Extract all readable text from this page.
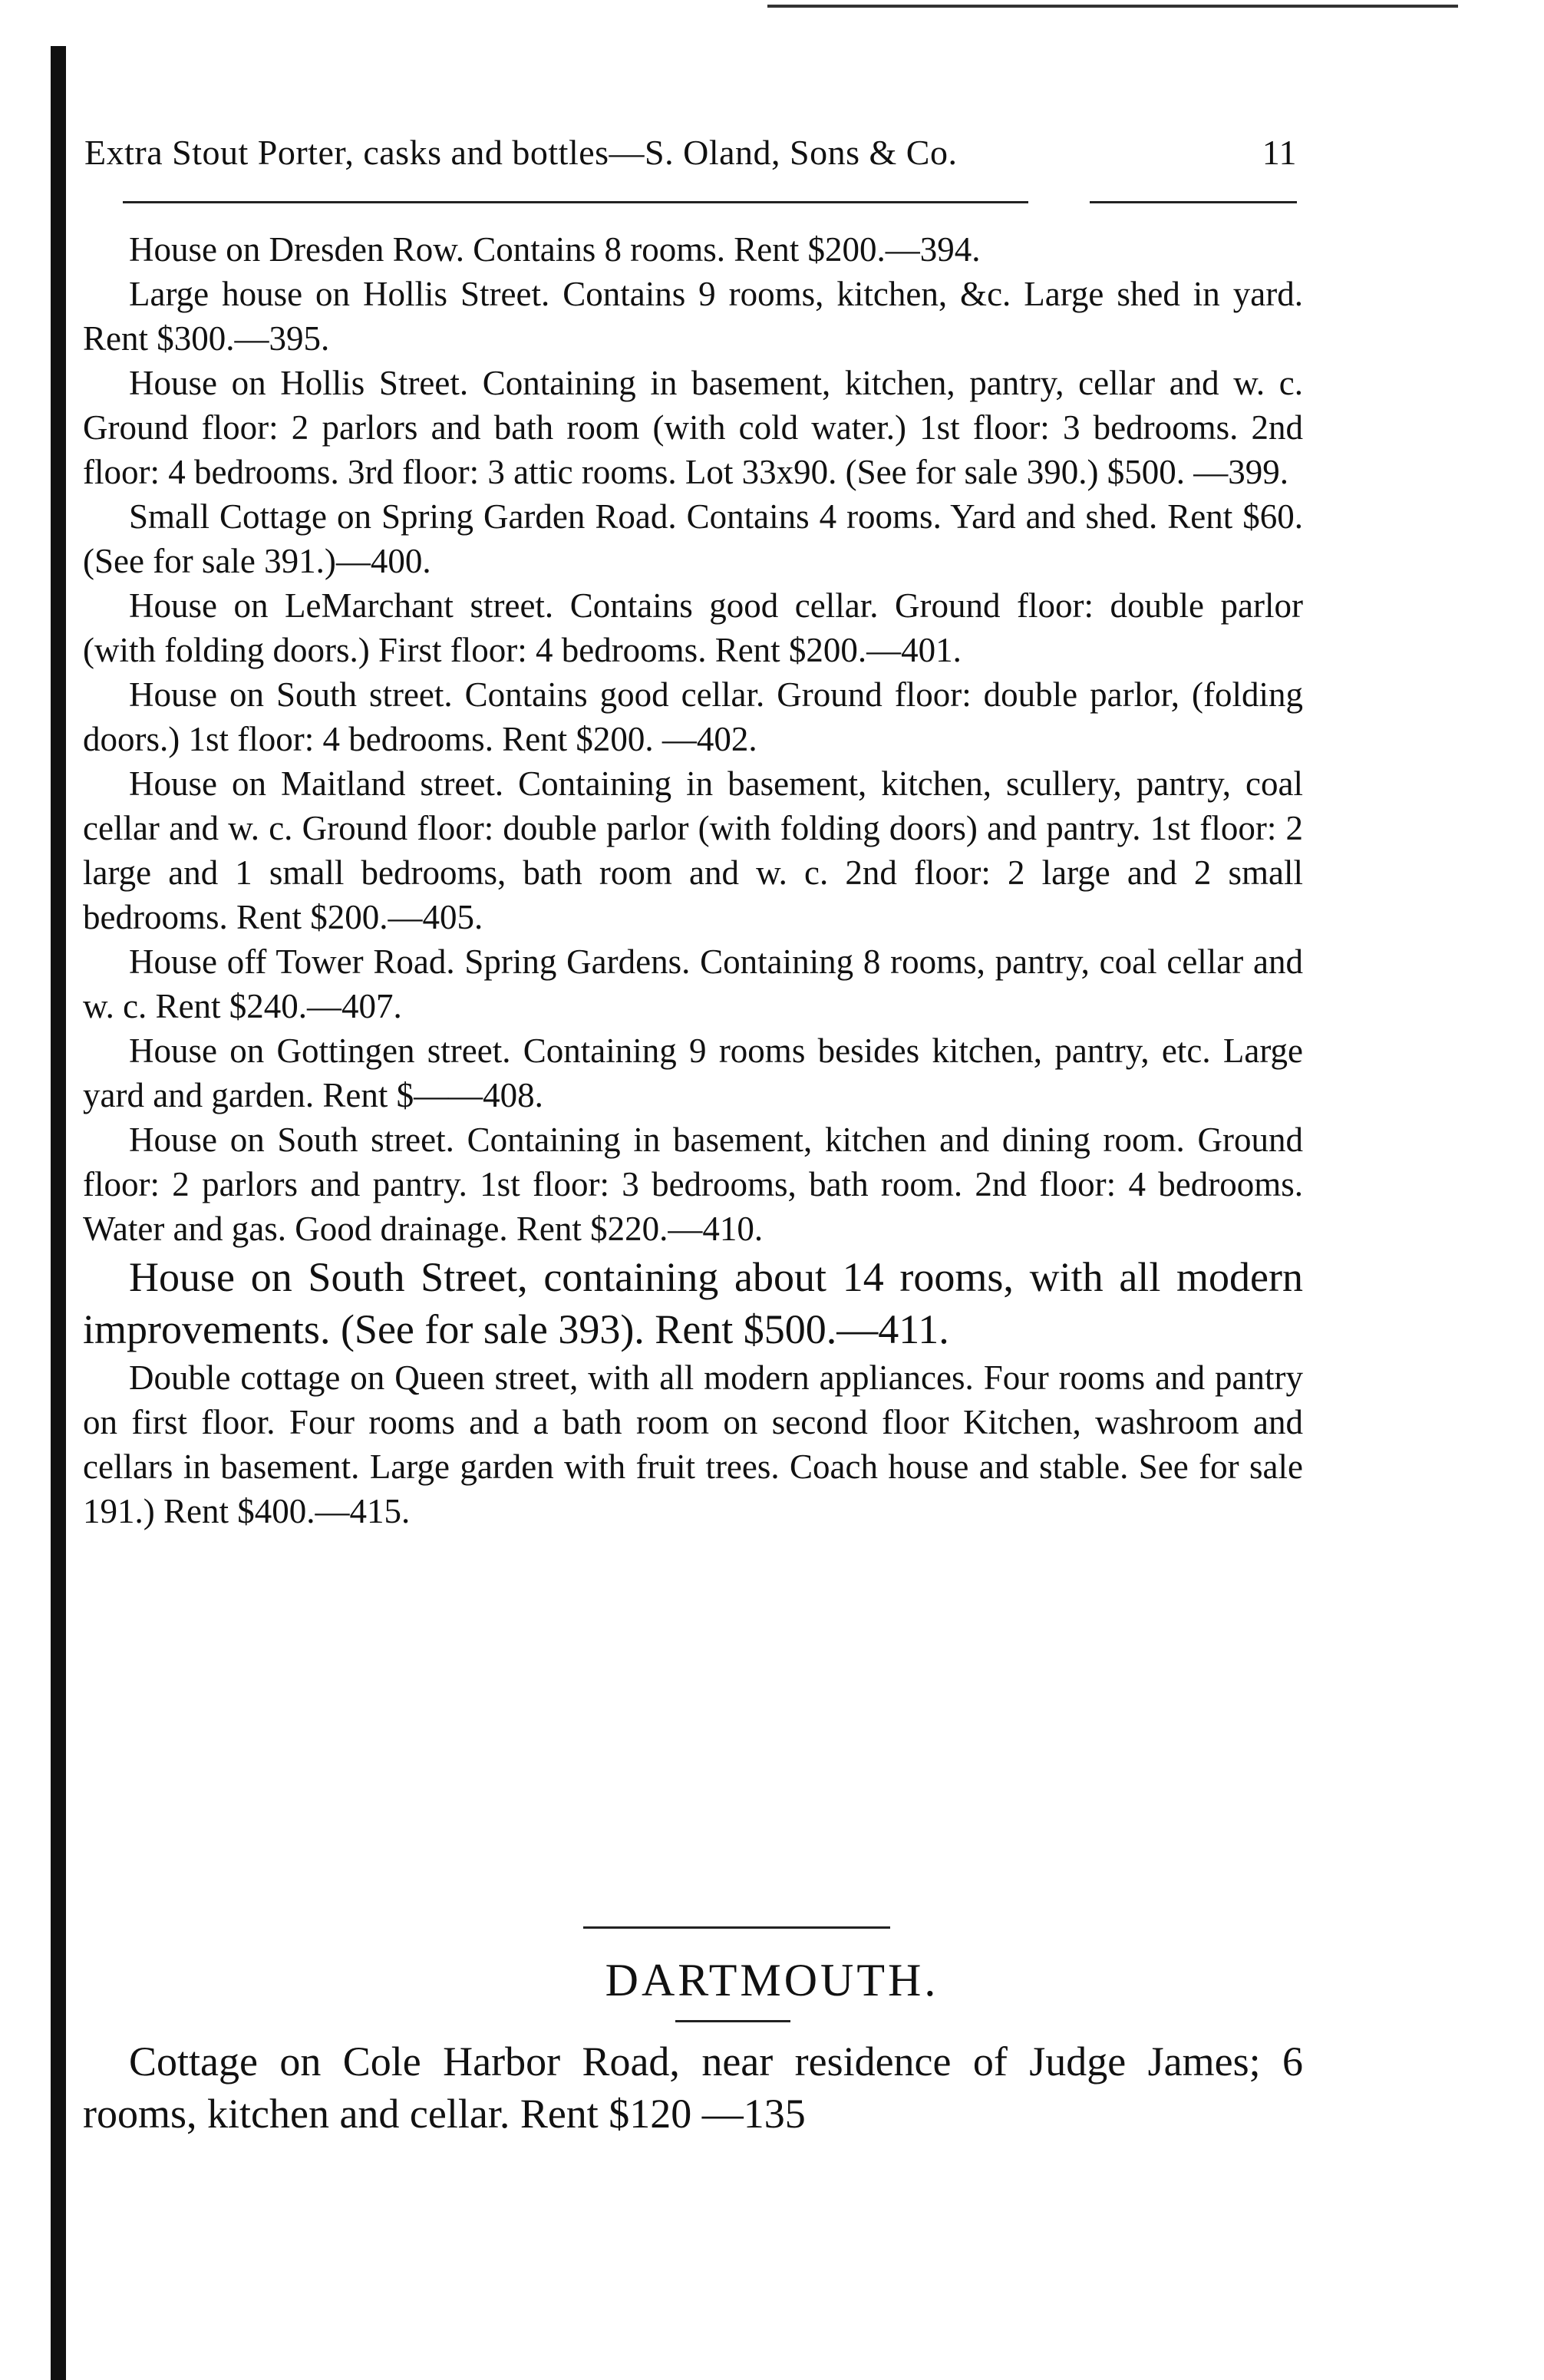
Extra Stout Porter, casks and bottles—S. Oland, Sons & Co.	11

House on Dresden Row. Contains 8 rooms. Rent $200.—394.

Large house on Hollis Street. Contains 9 rooms, kitchen, &c. Large shed in yard. Rent $300.—395.

House on Hollis Street. Containing in basement, kitchen, pantry, cellar and w. c. Ground floor: 2 parlors and bath room (with cold water.) 1st floor: 3 bedrooms. 2nd floor: 4 bedrooms. 3rd floor: 3 attic rooms. Lot 33x90. (See for sale 390.) $500. —399.

Small Cottage on Spring Garden Road. Contains 4 rooms. Yard and shed. Rent $60. (See for sale 391.)—400.

House on LeMarchant street. Contains good cellar. Ground floor: double parlor (with folding doors.) First floor: 4 bedrooms. Rent $200.—401.

House on South street. Contains good cellar. Ground floor: double parlor, (folding doors.) 1st floor: 4 bedrooms. Rent $200. —402.

House on Maitland street. Containing in basement, kitchen, scullery, pantry, coal cellar and w. c. Ground floor: double parlor (with folding doors) and pantry. 1st floor: 2 large and 1 small bedrooms, bath room and w. c. 2nd floor: 2 large and 2 small bedrooms. Rent $200.—405.

House off Tower Road. Spring Gardens. Containing 8 rooms, pantry, coal cellar and w. c. Rent $240.—407.

House on Gottingen street. Containing 9 rooms besides kitchen, pantry, etc. Large yard and garden. Rent $——408.

House on South street. Containing in basement, kitchen and dining room. Ground floor: 2 parlors and pantry. 1st floor: 3 bedrooms, bath room. 2nd floor: 4 bedrooms. Water and gas. Good drainage. Rent $220.—410.

House on South Street, containing about 14 rooms, with all modern improvements. (See for sale 393). Rent $500.—411.

Double cottage on Queen street, with all modern appliances. Four rooms and pantry on first floor. Four rooms and a bath room on second floor Kitchen, washroom and cellars in basement. Large garden with fruit trees. Coach house and stable. See for sale 191.) Rent $400.—415.

DARTMOUTH.

Cottage on Cole Harbor Road, near residence of Judge James; 6 rooms, kitchen and cellar. Rent $120 —135
